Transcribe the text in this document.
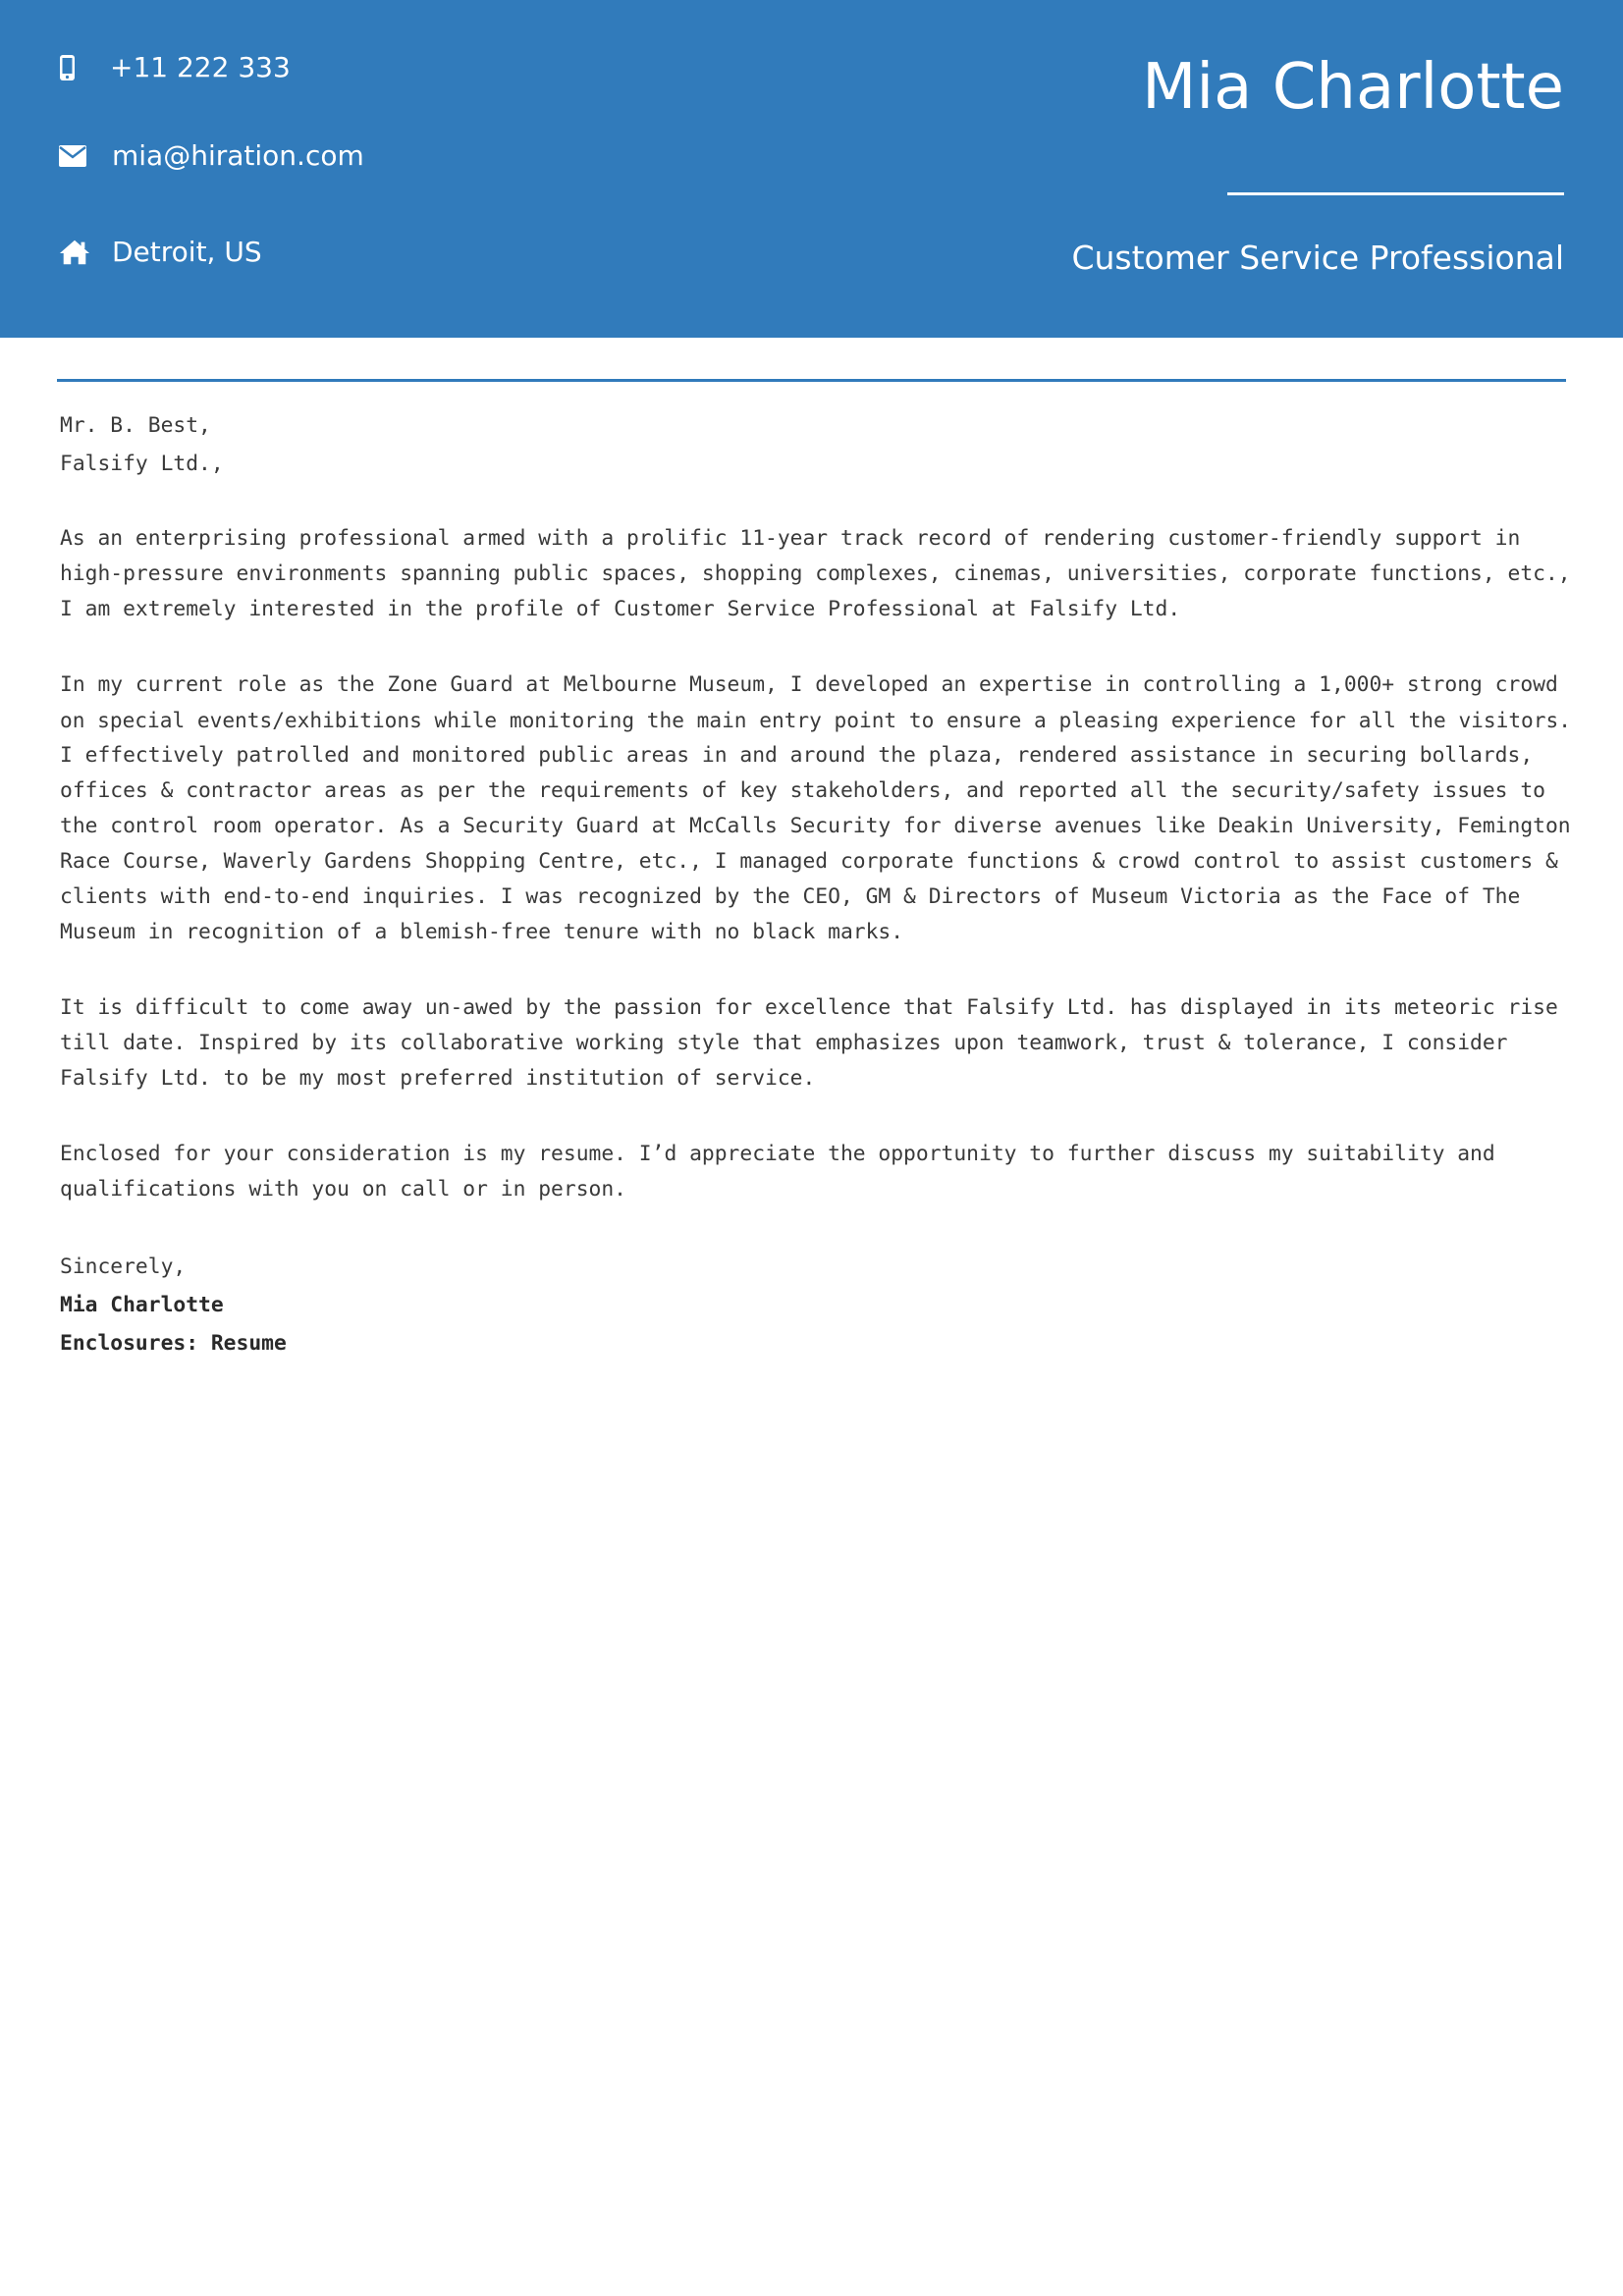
+11 222 333
mia@hiration.com
Detroit, US
Mia Charlotte
Customer Service Professional
Mr. B. Best,
Falsify Ltd.,
As an enterprising professional armed with a prolific 11-year track record of rendering customer-friendly support in
high-pressure environments spanning public spaces, shopping complexes, cinemas, universities, corporate functions, etc.,
I am extremely interested in the profile of Customer Service Professional at Falsify Ltd.
In my current role as the Zone Guard at Melbourne Museum, I developed an expertise in controlling a 1,000+ strong crowd
on special events/exhibitions while monitoring the main entry point to ensure a pleasing experience for all the visitors.
I effectively patrolled and monitored public areas in and around the plaza, rendered assistance in securing bollards,
offices & contractor areas as per the requirements of key stakeholders, and reported all the security/safety issues to
the control room operator. As a Security Guard at McCalls Security for diverse avenues like Deakin University, Femington
Race Course, Waverly Gardens Shopping Centre, etc., I managed corporate functions & crowd control to assist customers &
clients with end-to-end inquiries. I was recognized by the CEO, GM & Directors of Museum Victoria as the Face of The
Museum in recognition of a blemish-free tenure with no black marks.
It is difficult to come away un-awed by the passion for excellence that Falsify Ltd. has displayed in its meteoric rise
till date. Inspired by its collaborative working style that emphasizes upon teamwork, trust & tolerance, I consider
Falsify Ltd. to be my most preferred institution of service.
Enclosed for your consideration is my resume. I’d appreciate the opportunity to further discuss my suitability and
qualifications with you on call or in person.
Sincerely,
Mia Charlotte
Enclosures: Resume
